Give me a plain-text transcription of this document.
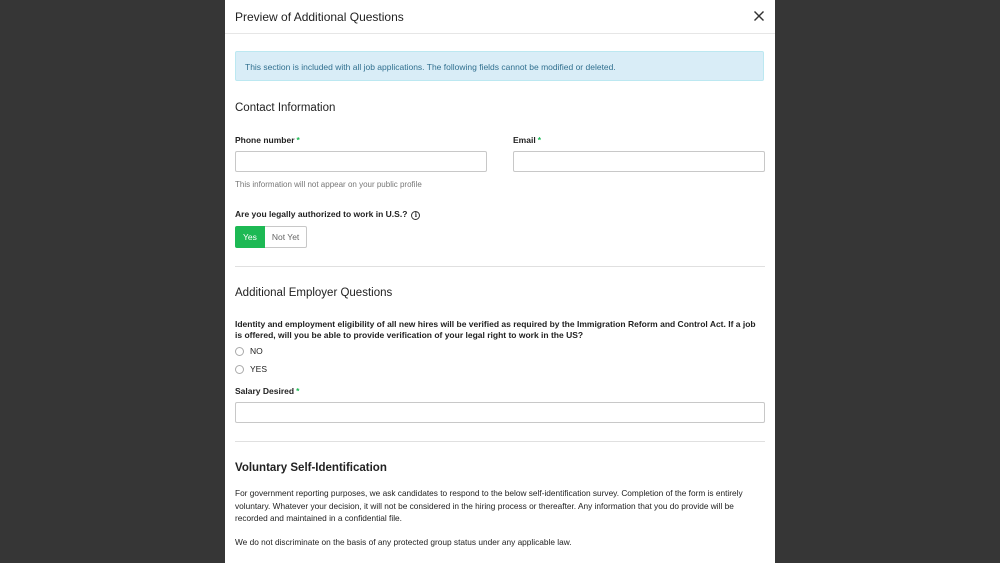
Preview of Additional Questions
This section is included with all job applications. The following fields cannot be modified or deleted.
Contact Information
Phone number *
This information will not appear on your public profile
Email *
Are you legally authorized to work in U.S.? i
Yes	Not Yet
Additional Employer Questions
Identity and employment eligibility of all new hires will be verified as required by the Immigration Reform and Control Act. If a job is offered, will you be able to provide verification of your legal right to work in the US?
NO
YES
Salary Desired *
Voluntary Self-Identification

For government reporting purposes, we ask candidates to respond to the below self-identification survey. Completion of the form is entirely voluntary. Whatever your decision, it will not be considered in the hiring process or thereafter. Any information that you do provide will be recorded and maintained in a confidential file.

We do not discriminate on the basis of any protected group status under any applicable law.
